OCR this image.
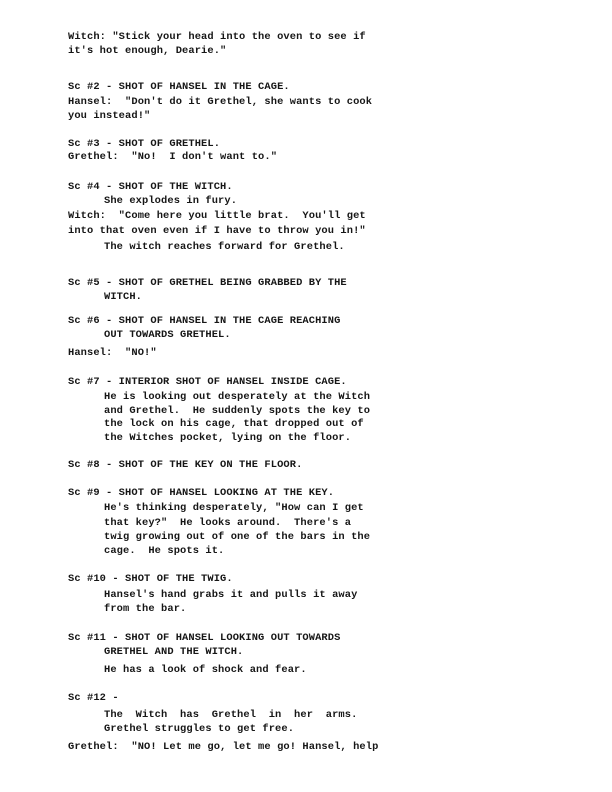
Witch: "Stick your head into the oven to see if

it's hot enough, Dearie."

Sc #2 - SHOT OF HANSEL IN THE CAGE.

Hansel:  "Don't do it Grethel, she wants to cook

you instead!"

Sc #3 - SHOT OF GRETHEL.

Grethel:  "No!  I don't want to."

Sc #4 - SHOT OF THE WITCH.

She explodes in fury.

Witch:  "Come here you little brat.  You'll get

into that oven even if I have to throw you in!"

The witch reaches forward for Grethel.

Sc #5 - SHOT OF GRETHEL BEING GRABBED BY THE

WITCH.

Sc #6 - SHOT OF HANSEL IN THE CAGE REACHING

OUT TOWARDS GRETHEL.

Hansel:  "NO!"

Sc #7 - INTERIOR SHOT OF HANSEL INSIDE CAGE.

He is looking out desperately at the Witch

and Grethel.  He suddenly spots the key to

the lock on his cage, that dropped out of

the Witches pocket, lying on the floor.

Sc #8 - SHOT OF THE KEY ON THE FLOOR.

Sc #9 - SHOT OF HANSEL LOOKING AT THE KEY.

He's thinking desperately, "How can I get

that key?"  He looks around.  There's a

twig growing out of one of the bars in the

cage.  He spots it.

Sc #10 - SHOT OF THE TWIG.

Hansel's hand grabs it and pulls it away

from the bar.

Sc #11 - SHOT OF HANSEL LOOKING OUT TOWARDS

GRETHEL AND THE WITCH.

He has a look of shock and fear.

Sc #12 -

The  Witch  has  Grethel  in  her  arms.

Grethel struggles to get free.

Grethel:  "NO! Let me go, let me go! Hansel, help
